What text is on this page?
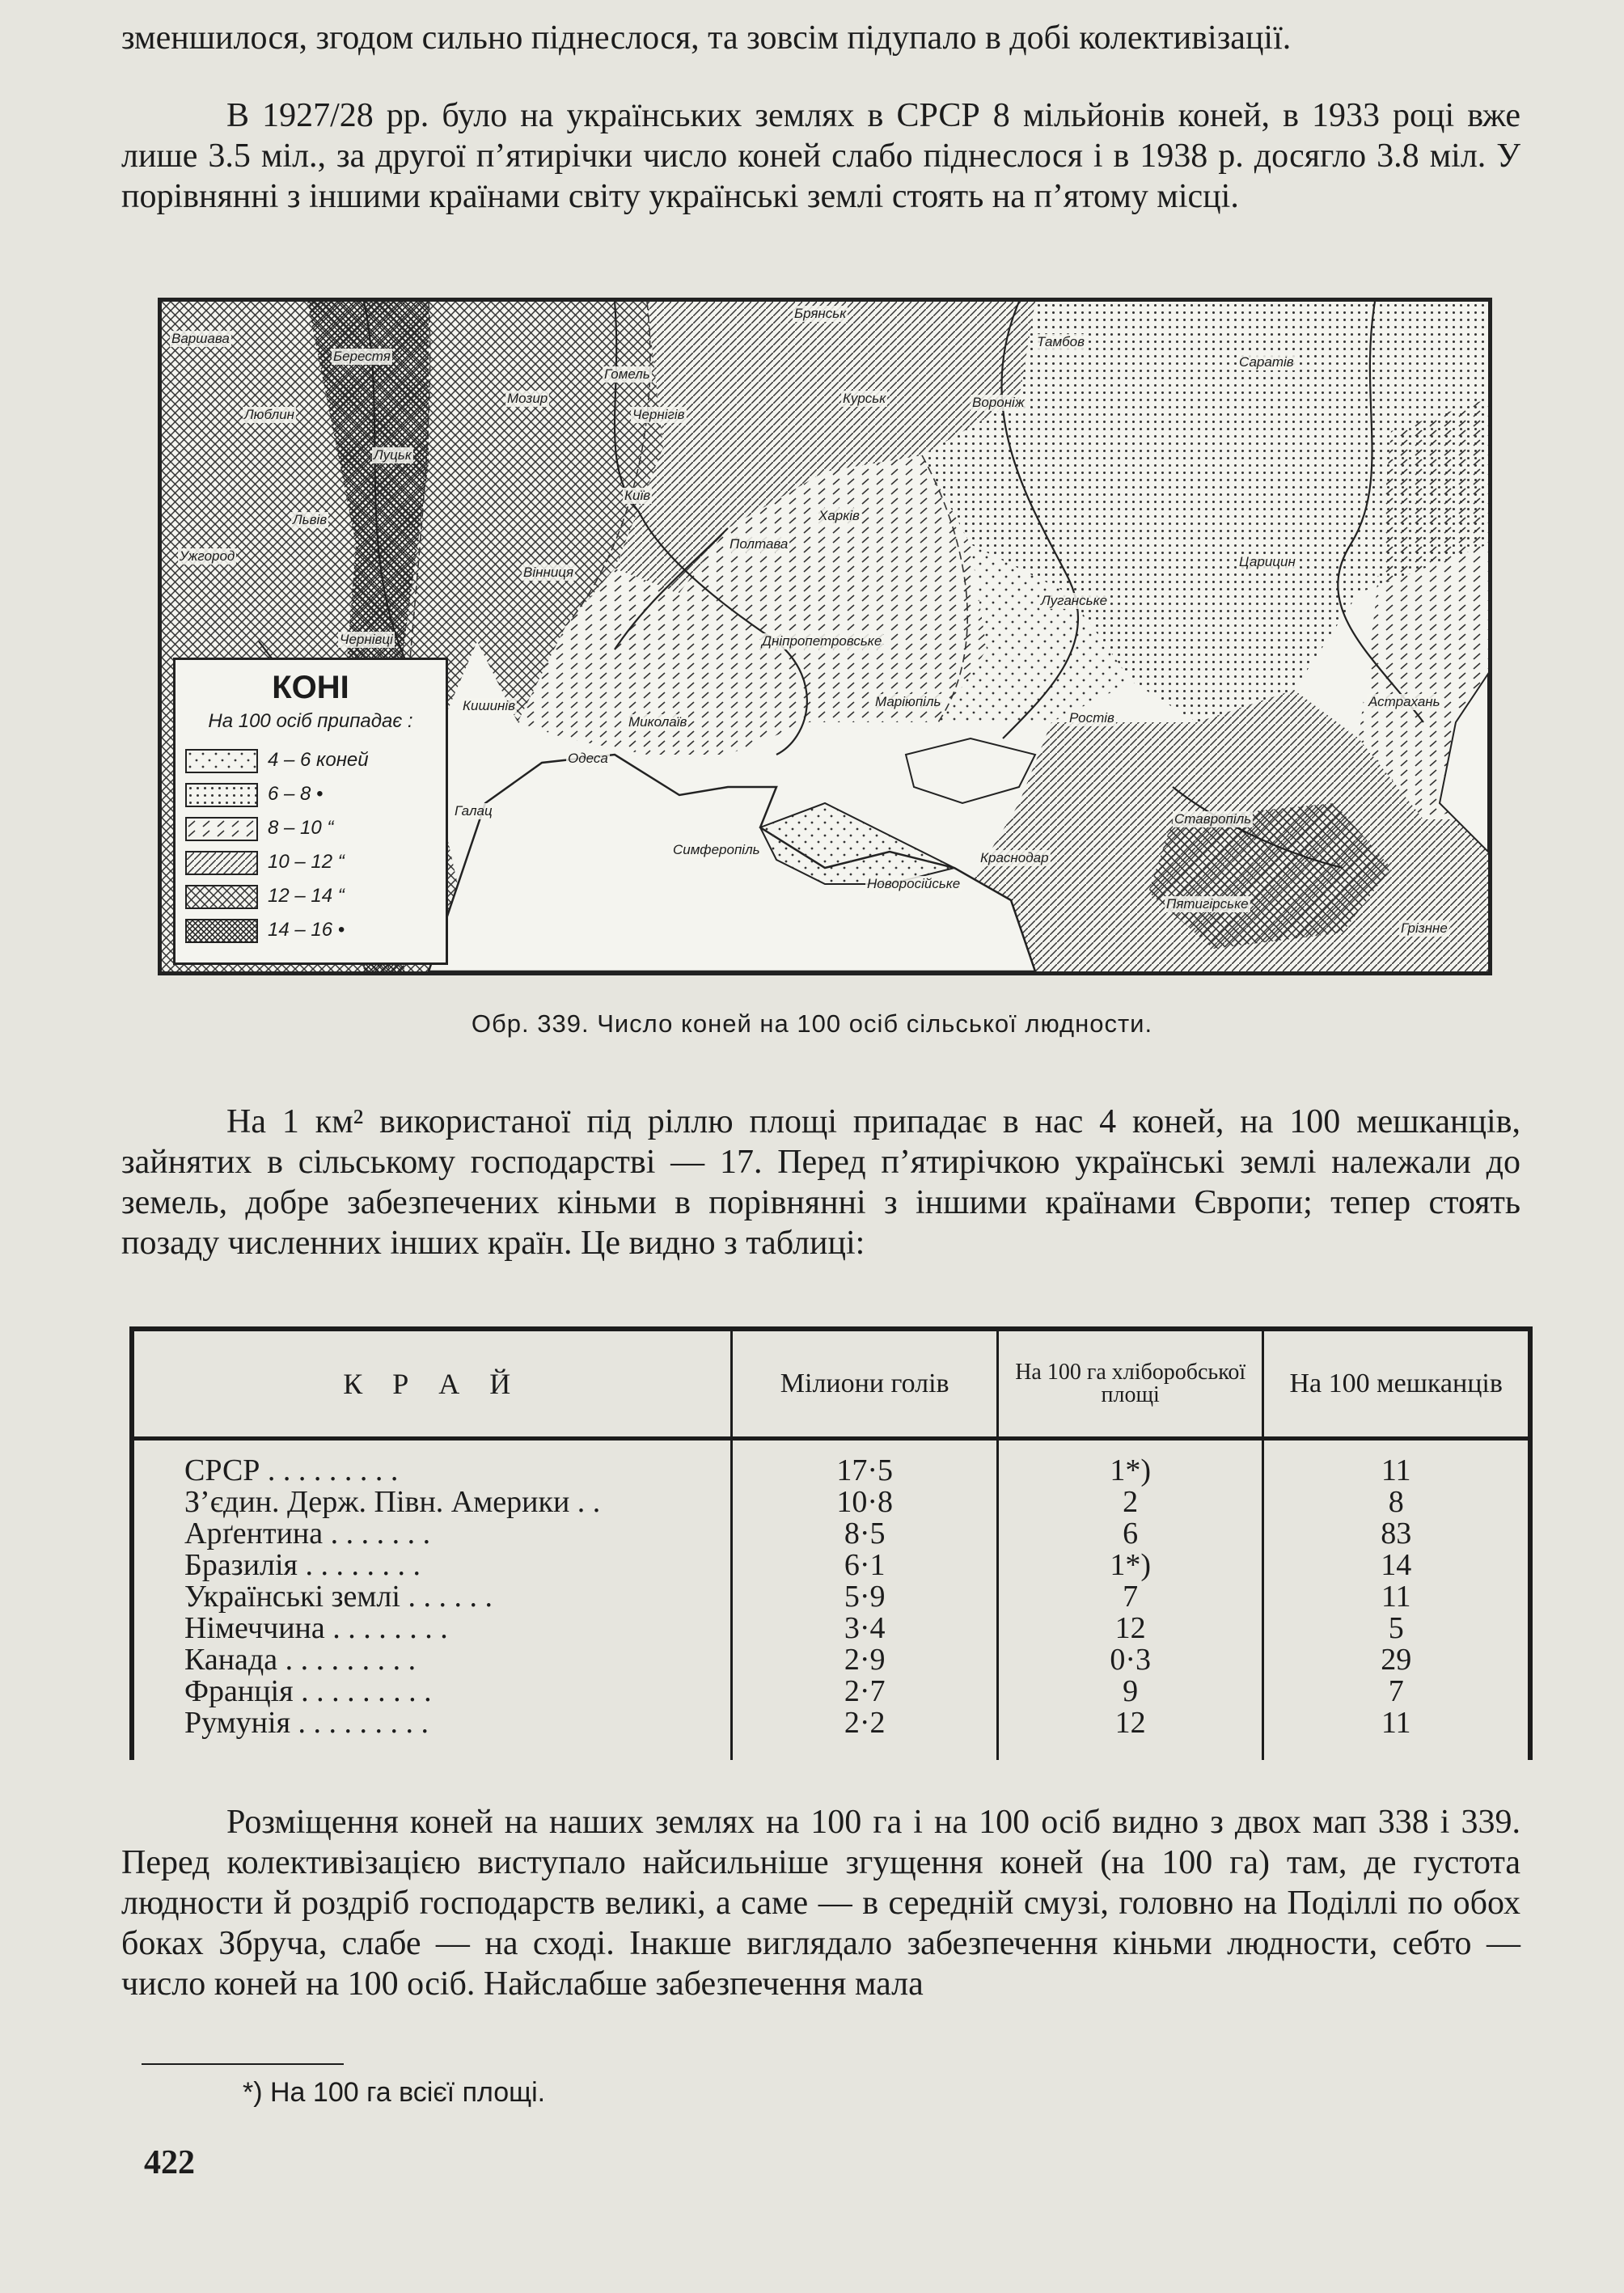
зменшилося, згодом сильно піднеслося, та зовсім підупало в добі колективізації.
В 1927/28 рр. було на українських землях в СРСР 8 мільйонів коней, в 1933 році вже лише 3.5 міл., за другої п’ятирічки число коней слабо піднеслося і в 1938 р. досягло 3.8 міл. У порівнянні з іншими країнами світу українські землі стоять на п’ятому місці.
КОНІ
На 100 осіб припадає :
4 – 6 коней
6 – 8 •
8 – 10 “
10 – 12 “
12 – 14 “
14 – 16 •
Варшава
Берестя
Люблин
Луцьк
Львів
Ужгород
Чернівці
Кишинів
Одеса
Галац
Мозир
Гомель
Чернігів
Київ
Вінниця
Полтава
Харків
Курськ	Вороніж
Тамбов
Брянськ
Саратів
Царицин
Луганське
Дніпропетровське
Маріюпіль
Ростів
Астрахань
Миколаїв
Симферопіль
Краснодар
Новоросійське
Ставропіль
Пятигірське
Грізнне
Обр. 339. Число коней на 100 осіб сільської людности.
На 1 км² використаної під ріллю площі припадає в нас 4 коней, на 100 мешканців, зайнятих в сільському господарстві — 17. Перед п’ятирічкою українські землі належали до земель, добре забезпечених кіньми в порівнянні з іншими країнами Європи; тепер стоять позаду численних інших країн. Це видно з таблиці:
К Р А Й	Мілиони голів	На 100 га хліборобської площі	На 100 мешканців
СРСР . . . . . . . . .	17·5	1*)	11
З’єдин. Держ. Півн. Америки . .	10·8	2	8
Арґентина . . . . . . .	8·5	6	83
Бразилія . . . . . . . .	6·1	1*)	14
Українські землі . . . . . .	5·9	7	11
Німеччина . . . . . . . .	3·4	12	5
Канада . . . . . . . . .	2·9	0·3	29
Франція . . . . . . . . .	2·7	9	7
Румунія . . . . . . . . .	2·2	12	11
Розміщення коней на наших землях на 100 га і на 100 осіб видно з двох мап 338 і 339. Перед колективізацією виступало найсильніше згущення коней (на 100 га) там, де густота людности й роздріб господарств великі, а саме — в середній смузі, головно на Поділлі по обох боках Збруча, слабе — на сході. Інакше виглядало забезпечення кіньми людности, себто — число коней на 100 осіб. Найслабше забезпечення мала
*) На 100 га всієї площі.
422
